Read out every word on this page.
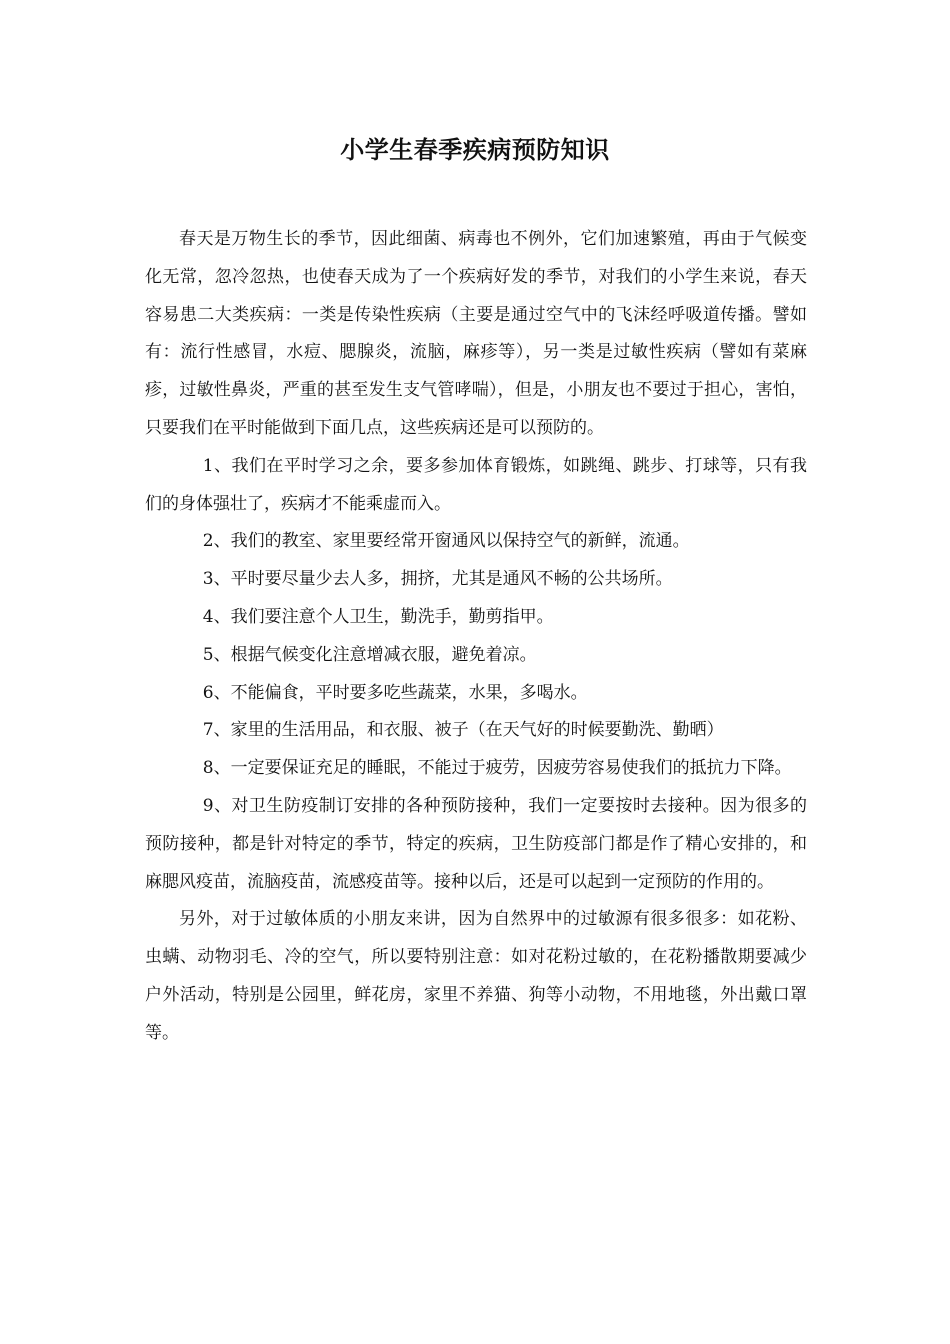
小学生春季疾病预防知识

春天是万物生长的季节，因此细菌、病毒也不例外，它们加速繁殖，再由于气候变化无常，忽冷忽热，也使春天成为了一个疾病好发的季节，对我们的小学生来说，春天容易患二大类疾病：一类是传染性疾病（主要是通过空气中的飞沫经呼吸道传播。譬如有：流行性感冒，水痘、腮腺炎，流脑，麻疹等），另一类是过敏性疾病（譬如有菜麻疹，过敏性鼻炎，严重的甚至发生支气管哮喘），但是，小朋友也不要过于担心，害怕，只要我们在平时能做到下面几点，这些疾病还是可以预防的。

1、我们在平时学习之余，要多参加体育锻炼，如跳绳、跳步、打球等，只有我们的身体强壮了，疾病才不能乘虚而入。

2、我们的教室、家里要经常开窗通风以保持空气的新鲜，流通。

3、平时要尽量少去人多，拥挤，尤其是通风不畅的公共场所。

4、我们要注意个人卫生，勤洗手，勤剪指甲。

5、根据气候变化注意增减衣服，避免着凉。

6、不能偏食，平时要多吃些蔬菜，水果，多喝水。

7、家里的生活用品，和衣服、被子（在天气好的时候要勤洗、勤晒）

8、一定要保证充足的睡眠，不能过于疲劳，因疲劳容易使我们的抵抗力下降。

9、对卫生防疫制订安排的各种预防接种，我们一定要按时去接种。因为很多的预防接种，都是针对特定的季节，特定的疾病，卫生防疫部门都是作了精心安排的，和麻腮风疫苗，流脑疫苗，流感疫苗等。接种以后，还是可以起到一定预防的作用的。

另外，对于过敏体质的小朋友来讲，因为自然界中的过敏源有很多很多：如花粉、虫螨、动物羽毛、冷的空气，所以要特别注意：如对花粉过敏的，在花粉播散期要减少户外活动，特别是公园里，鲜花房，家里不养猫、狗等小动物，不用地毯，外出戴口罩等。
